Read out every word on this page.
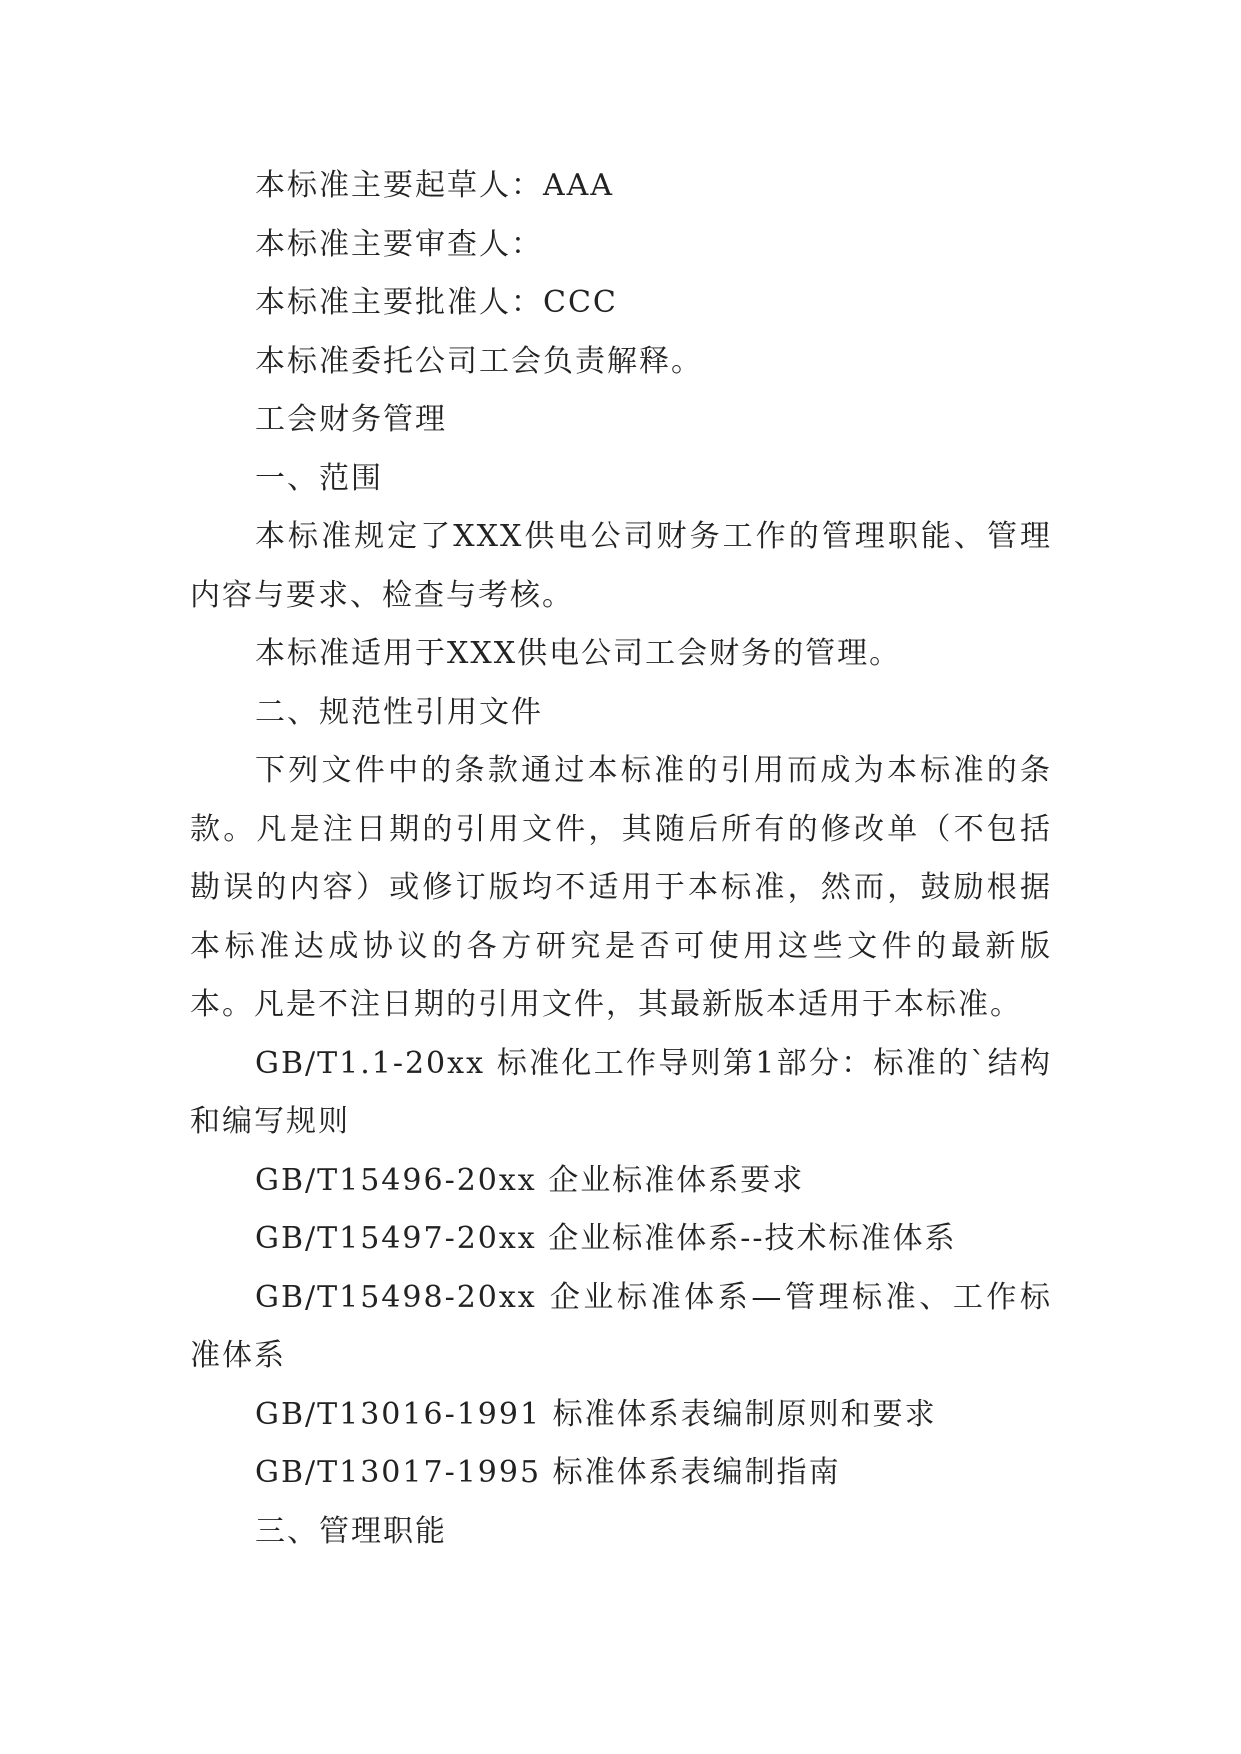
本标准主要起草人：AAA

本标准主要审查人：

本标准主要批准人：CCC

本标准委托公司工会负责解释。

工会财务管理

一、范围

本标准规定了XXX供电公司财务工作的管理职能、管理内容与要求、检查与考核。

本标准适用于XXX供电公司工会财务的管理。

二、规范性引用文件

下列文件中的条款通过本标准的引用而成为本标准的条款。凡是注日期的引用文件，其随后所有的修改单（不包括勘误的内容）或修订版均不适用于本标准，然而，鼓励根据本标准达成协议的各方研究是否可使用这些文件的最新版本。凡是不注日期的引用文件，其最新版本适用于本标准。

GB/T1.1-20xx 标准化工作导则第1部分：标准的`结构和编写规则

GB/T15496-20xx 企业标准体系要求

GB/T15497-20xx 企业标准体系--技术标准体系

GB/T15498-20xx 企业标准体系—管理标准、工作标准体系

GB/T13016-1991 标准体系表编制原则和要求

GB/T13017-1995 标准体系表编制指南

三、管理职能
